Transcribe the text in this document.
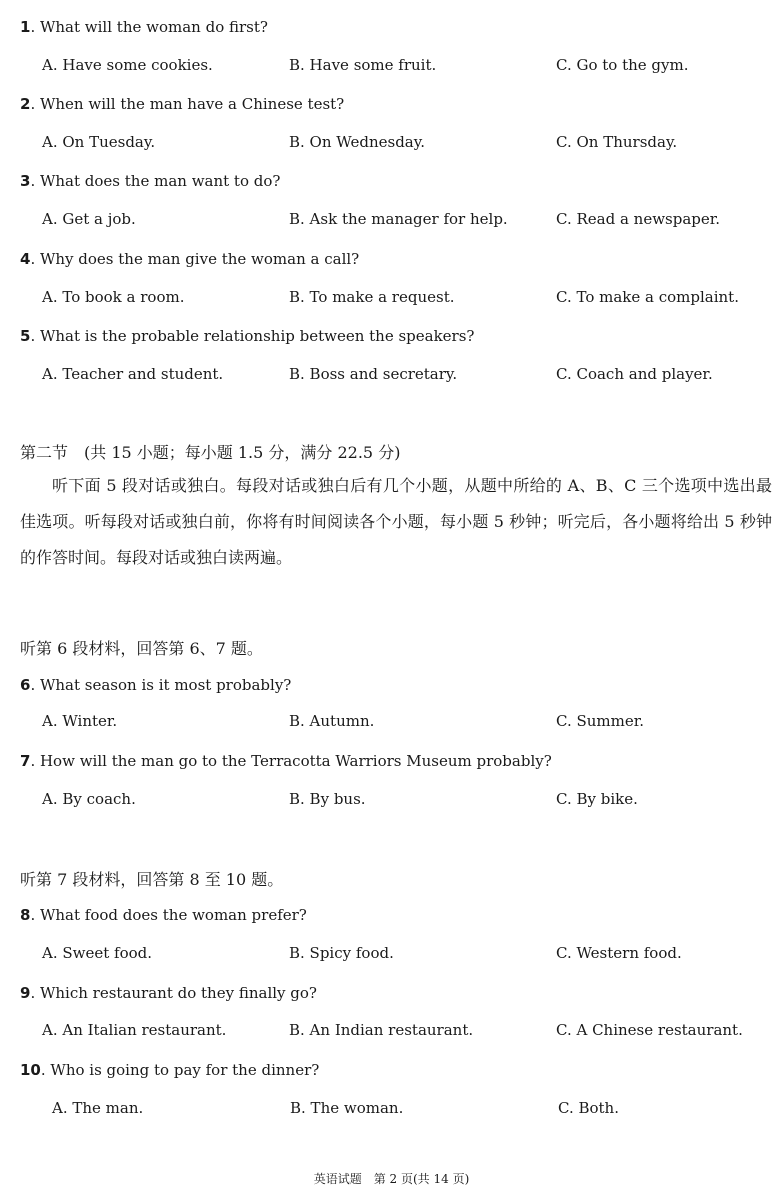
1. What will the woman do first?
A. Have some cookies.	B. Have some fruit.	C. Go to the gym.
2. When will the man have a Chinese test?
A. On Tuesday.	B. On Wednesday.	C. On Thursday.
3. What does the man want to do?
A. Get a job.	B. Ask the manager for help.	C. Read a newspaper.
4. Why does the man give the woman a call?
A. To book a room.	B. To make a request.	C. To make a complaint.
5. What is the probable relationship between the speakers?
A. Teacher and student.	B. Boss and secretary.	C. Coach and player.
第二节　(共 15 小题；每小题 1.5 分，满分 22.5 分)
听下面 5 段对话或独白。每段对话或独白后有几个小题，从题中所给的 A、B、C 三个选项中选出最佳选项。听每段对话或独白前，你将有时间阅读各个小题，每小题 5 秒钟；听完后，各小题将给出 5 秒钟的作答时间。每段对话或独白读两遍。
听第 6 段材料，回答第 6、7 题。
6. What season is it most probably?
A. Winter.	B. Autumn.	C. Summer.
7. How will the man go to the Terracotta Warriors Museum probably?
A. By coach.	B. By bus.	C. By bike.
听第 7 段材料，回答第 8 至 10 题。
8. What food does the woman prefer?
A. Sweet food.	B. Spicy food.	C. Western food.
9. Which restaurant do they finally go?
A. An Italian restaurant.	B. An Indian restaurant.	C. A Chinese restaurant.
10. Who is going to pay for the dinner?
A. The man.	B. The woman.	C. Both.
英语试题　第 2 页(共 14 页)
